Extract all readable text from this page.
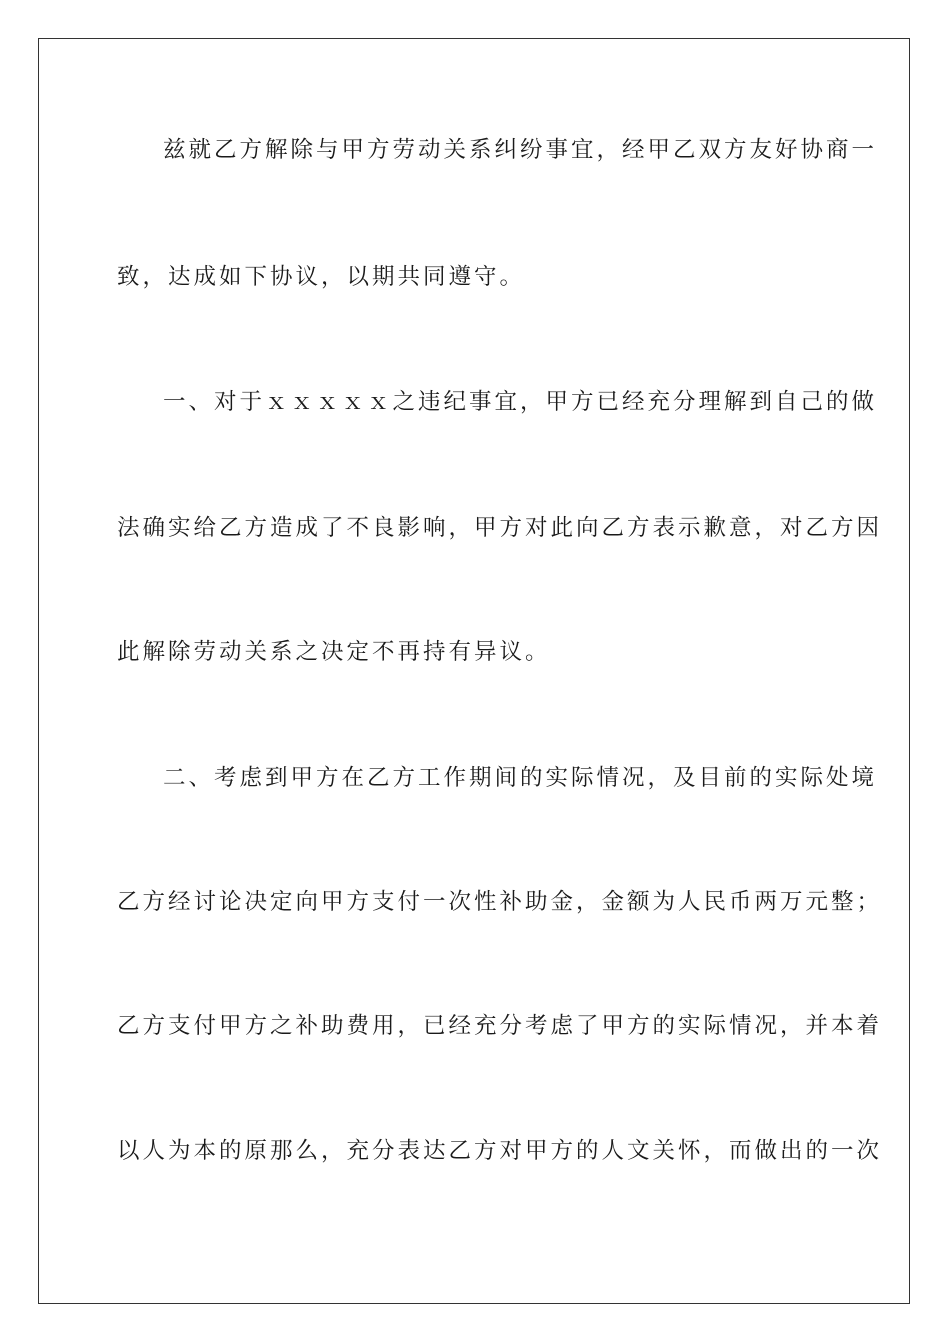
兹就乙方解除与甲方劳动关系纠纷事宜，经甲乙双方友好协商一
致，达成如下协议，以期共同遵守。
一、对于ｘｘｘｘｘ之违纪事宜，甲方已经充分理解到自己的做
法确实给乙方造成了不良影响，甲方对此向乙方表示歉意，对乙方因
此解除劳动关系之决定不再持有异议。
二、考虑到甲方在乙方工作期间的实际情况，及目前的实际处境
乙方经讨论决定向甲方支付一次性补助金，金额为人民币两万元整；
乙方支付甲方之补助费用，已经充分考虑了甲方的实际情况，并本着
以人为本的原那么，充分表达乙方对甲方的人文关怀，而做出的一次
